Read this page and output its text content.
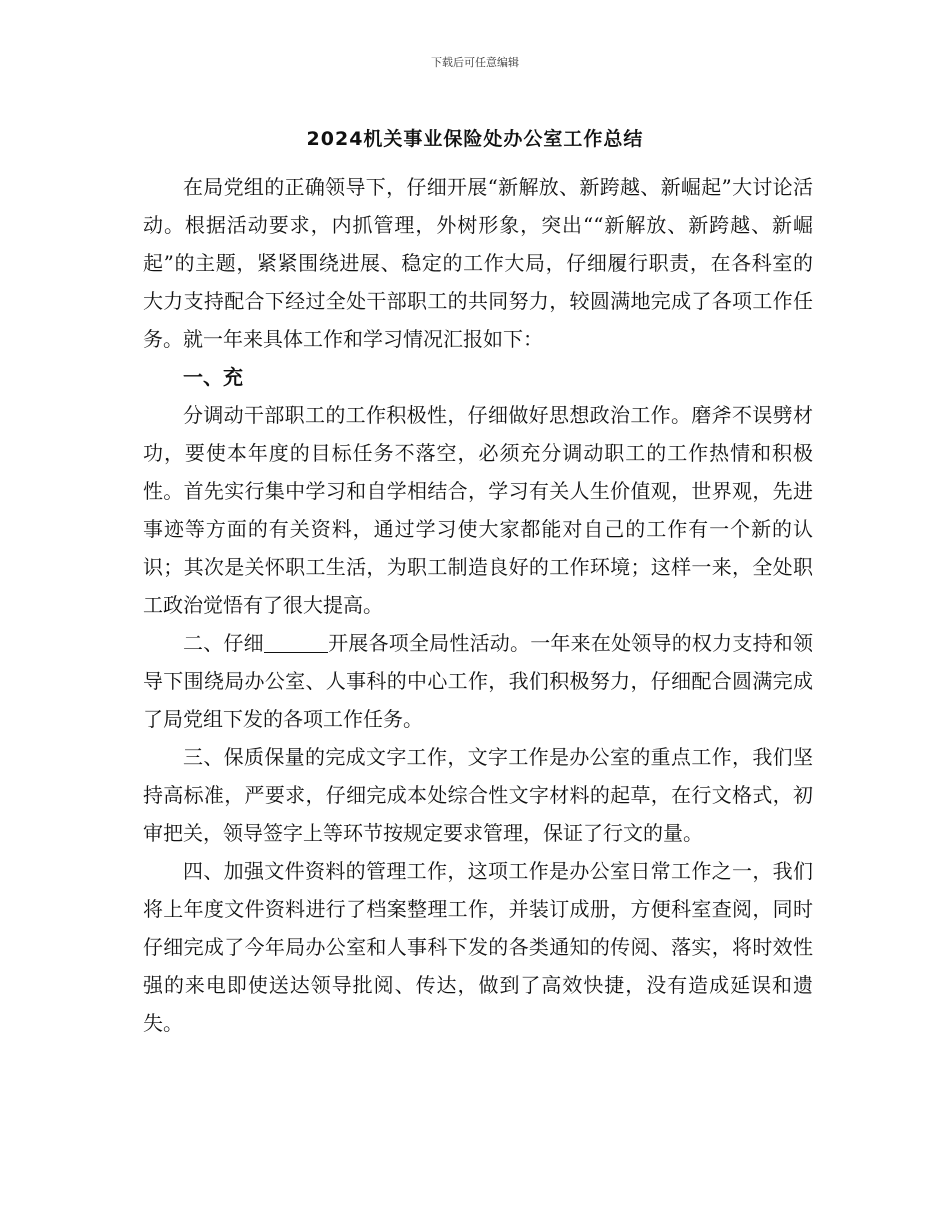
下载后可任意编辑
2024机关事业保险处办公室工作总结

在局党组的正确领导下，仔细开展“新解放、新跨越、新崛起”大讨论活动。根据活动要求，内抓管理，外树形象，突出““新解放、新跨越、新崛起”的主题，紧紧围绕进展、稳定的工作大局，仔细履行职责，在各科室的大力支持配合下经过全处干部职工的共同努力，较圆满地完成了各项工作任务。就一年来具体工作和学习情况汇报如下：

一、充

分调动干部职工的工作积极性，仔细做好思想政治工作。磨斧不误劈材功，要使本年度的目标任务不落空，必须充分调动职工的工作热情和积极性。首先实行集中学习和自学相结合，学习有关人生价值观，世界观，先进事迹等方面的有关资料，通过学习使大家都能对自己的工作有一个新的认识；其次是关怀职工生活，为职工制造良好的工作环境；这样一来，全处职工政治觉悟有了很大提高。

二、仔细	开展各项全局性活动。一年来在处领导的权力支持和领导下围绕局办公室、人事科的中心工作，我们积极努力，仔细配合圆满完成了局党组下发的各项工作任务。

三、保质保量的完成文字工作，文字工作是办公室的重点工作，我们坚持高标准，严要求，仔细完成本处综合性文字材料的起草，在行文格式，初审把关，领导签字上等环节按规定要求管理，保证了行文的量。

四、加强文件资料的管理工作，这项工作是办公室日常工作之一，我们将上年度文件资料进行了档案整理工作，并装订成册，方便科室查阅，同时仔细完成了今年局办公室和人事科下发的各类通知的传阅、落实，将时效性强的来电即使送达领导批阅、传达，做到了高效快捷，没有造成延误和遗失。
